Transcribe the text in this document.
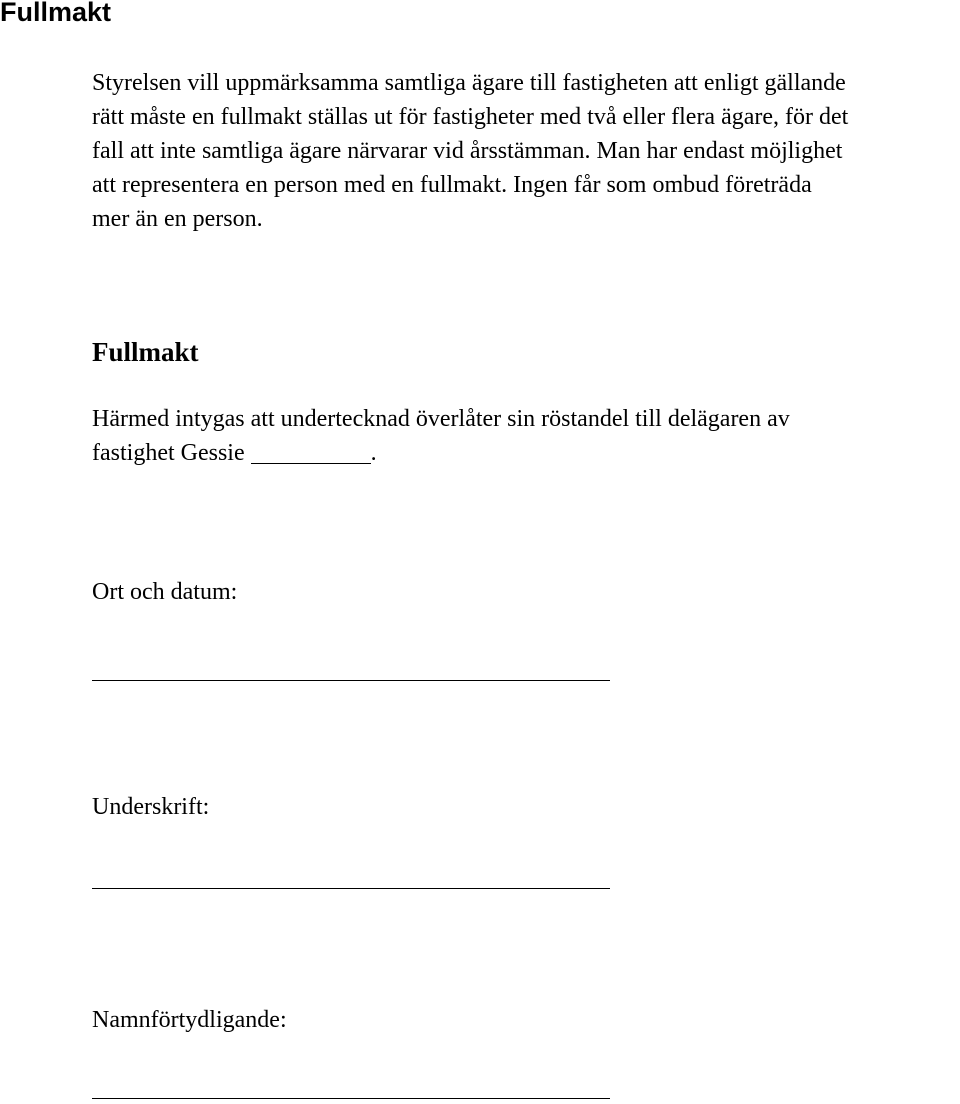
Fullmakt

Styrelsen vill uppmärksamma samtliga ägare till fastigheten att enligt gällande
rätt måste en fullmakt ställas ut för fastigheter med två eller flera ägare, för det
fall att inte samtliga ägare närvarar vid årsstämman. Man har endast möjlighet
att representera en person med en fullmakt. Ingen får som ombud företräda
mer än en person.

Fullmakt

Härmed intygas att undertecknad överlåter sin röstandel till delägaren av
fastighet Gessie	.

Ort och datum:

Underskrift:

Namnförtydligande:
